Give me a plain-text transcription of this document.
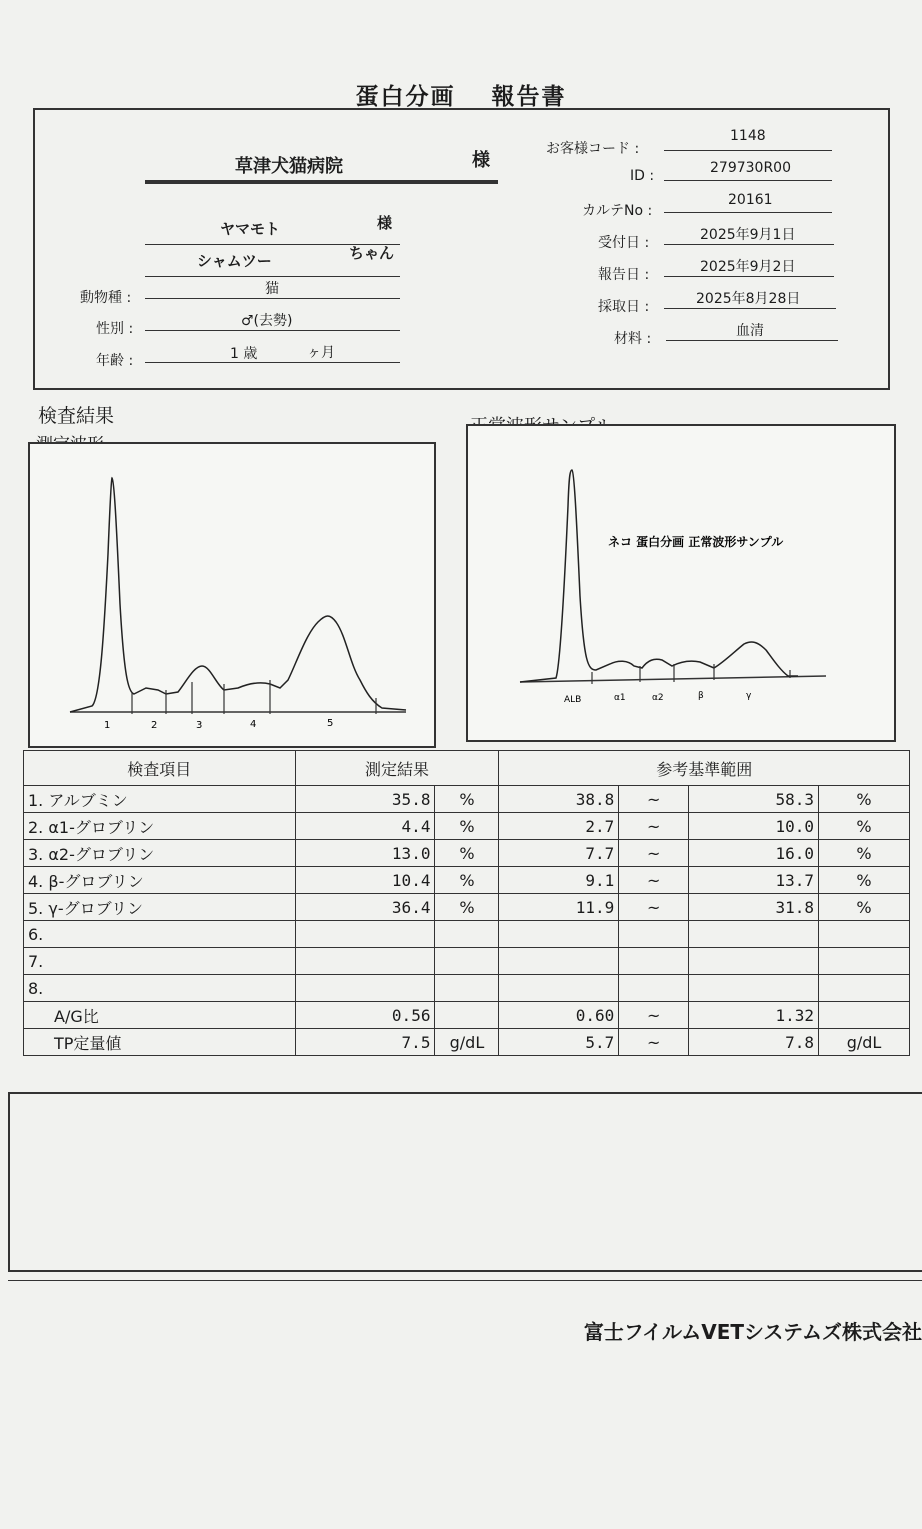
蛋白分画 報告書
草津犬猫病院	様
ヤマモト	様
シャムツー	ちゃん
動物種 :
猫
性別 :	♂(去勢)
年齢 :	1 歳	ヶ月
お客様コード :
1148
ID :	279730R00
カルテNo :
20161
受付日 :	2025年9月1日
報告日 :	2025年9月2日
採取日 :	2025年8月28日
材料 :	血清
検査結果
1	2	3	4	5
ネコ 蛋白分画 正常波形サンプル
ALB	α1	α2	β	γ
検査項目	測定結果		参考基準範囲			
1. アルブミン	35.8	%	38.8	~	58.3	%
2. α1-グロブリン	4.4	%	2.7	~	10.0	%
3. α2-グロブリン	13.0	%	7.7	~	16.0	%
4. β-グロブリン	10.4	%	9.1	~	13.7	%
5. γ-グロブリン	36.4	%	11.9	~	31.8	%
6.						
7.						
8.						
A/G比	0.56		0.60	~	1.32	
TP定量値	7.5	g/dL	5.7	~	7.8	g/dL
富士フイルムVETシステムズ株式会社
